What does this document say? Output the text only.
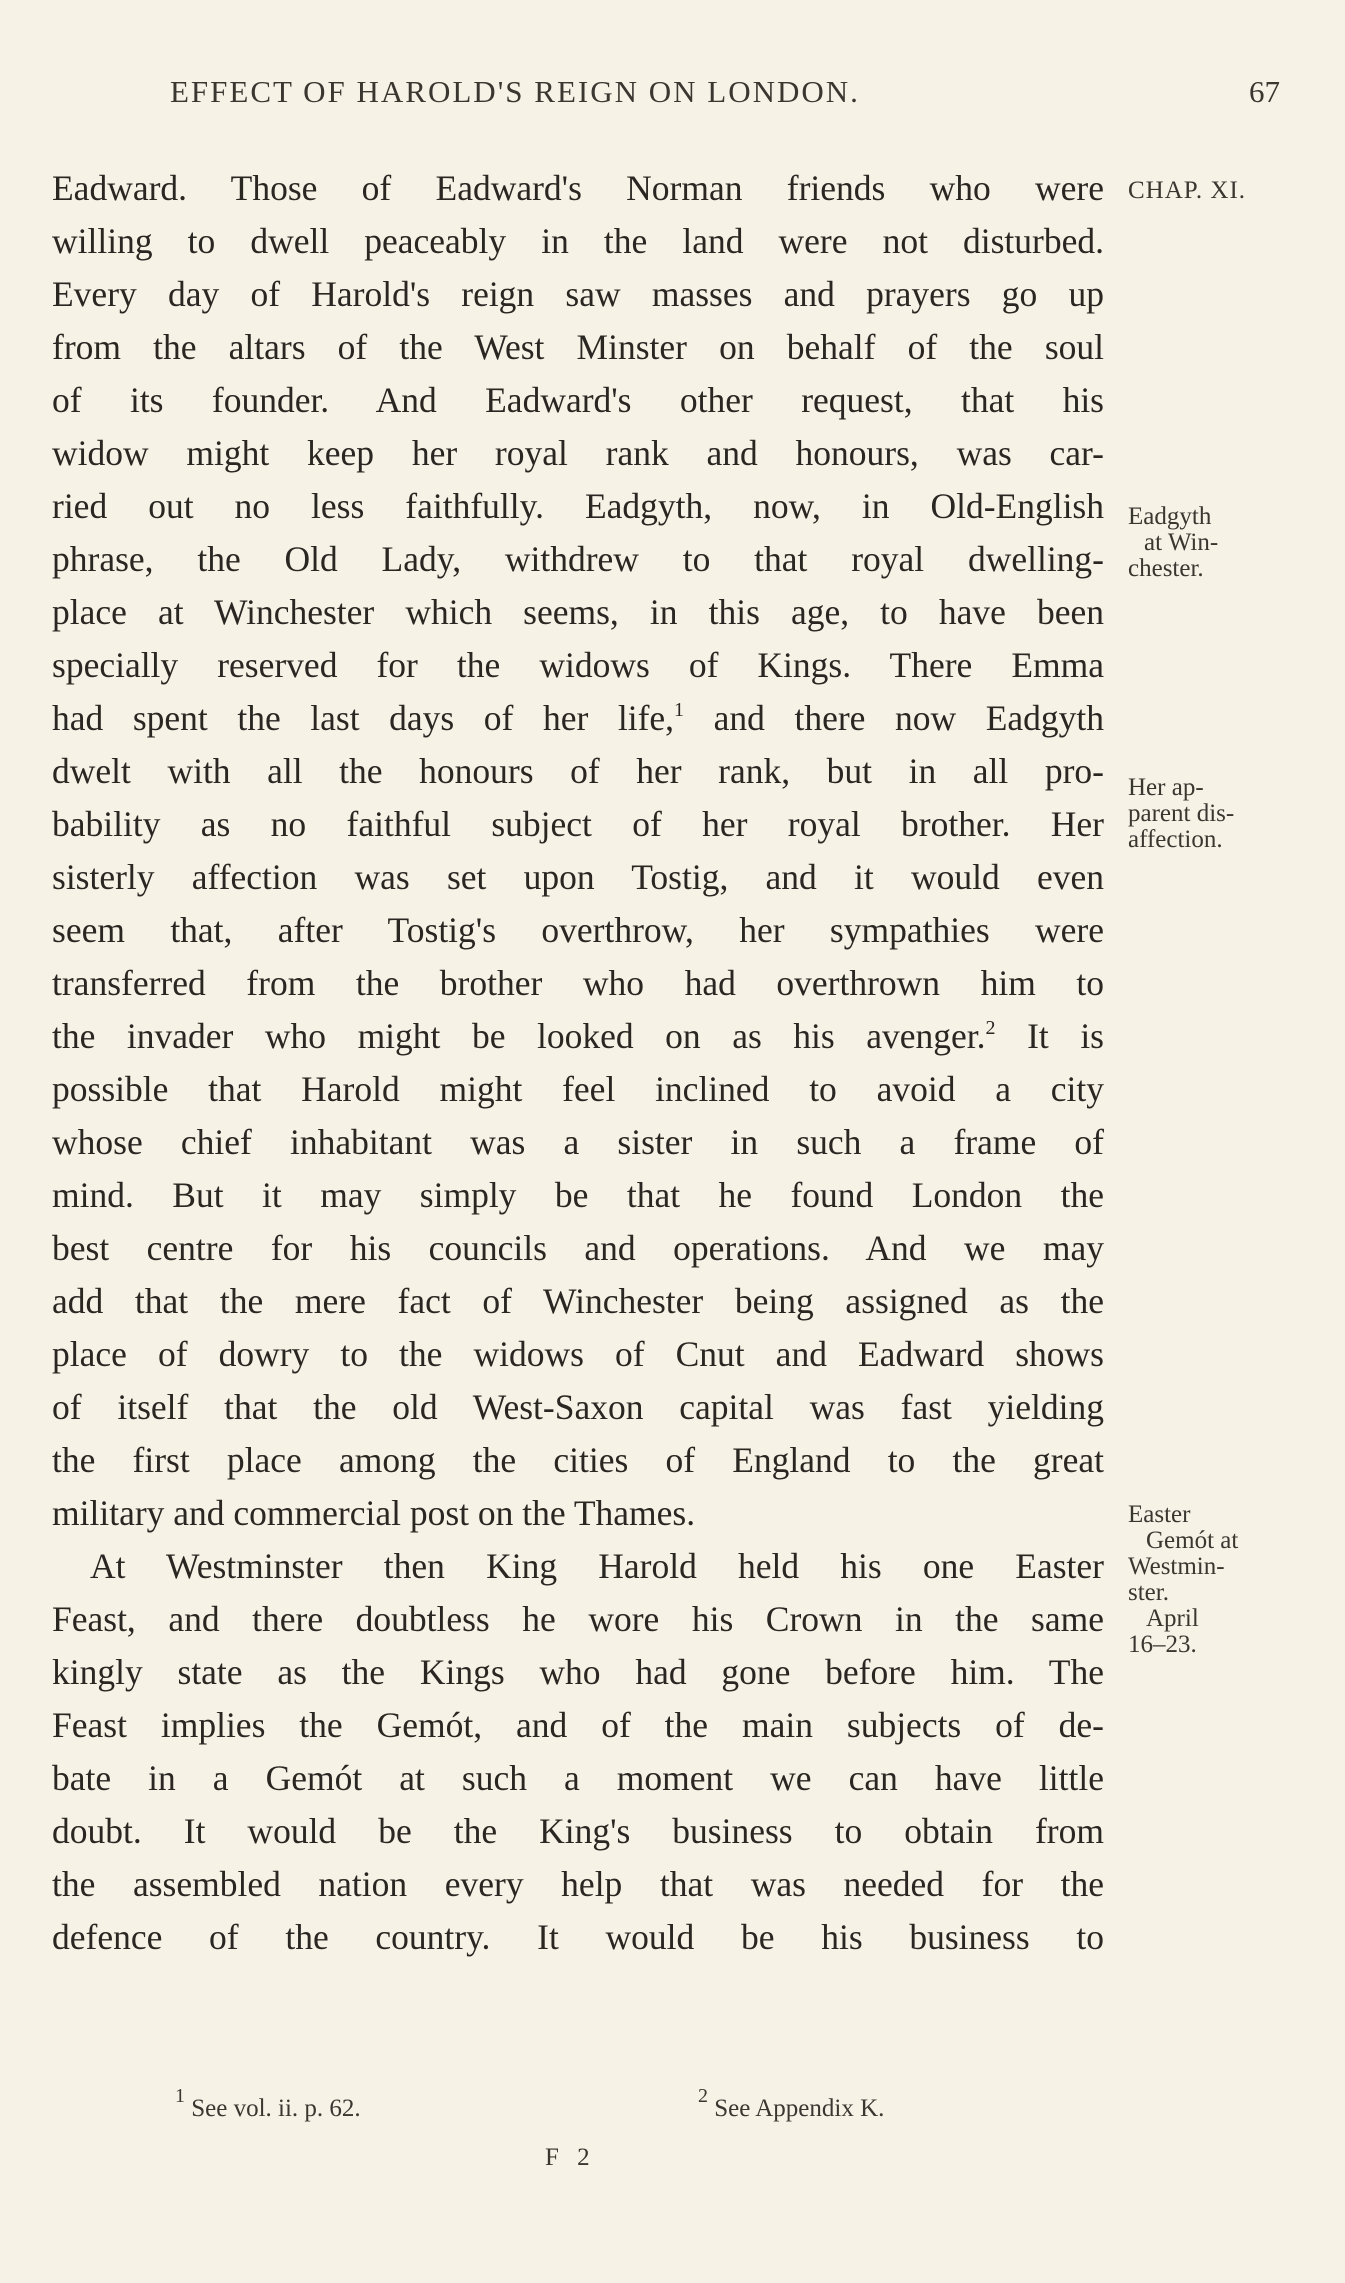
EFFECT OF HAROLD'S REIGN ON LONDON.	67
Eadward. Those of Eadward's Norman friends who were
willing to dwell peaceably in the land were not disturbed.
Every day of Harold's reign saw masses and prayers go up
from the altars of the West Minster on behalf of the soul
of its founder. And Eadward's other request, that his
widow might keep her royal rank and honours, was car-
ried out no less faithfully. Eadgyth, now, in Old-English
phrase, the Old Lady, withdrew to that royal dwelling-
place at Winchester which seems, in this age, to have been
specially reserved for the widows of Kings. There Emma
had spent the last days of her life,$^1$ and there now Eadgyth
dwelt with all the honours of her rank, but in all pro-
bability as no faithful subject of her royal brother. Her
sisterly affection was set upon Tostig, and it would even
seem that, after Tostig's overthrow, her sympathies were
transferred from the brother who had overthrown him to
the invader who might be looked on as his avenger.$^2$ It is
possible that Harold might feel inclined to avoid a city
whose chief inhabitant was a sister in such a frame of
mind. But it may simply be that he found London the
best centre for his councils and operations. And we may
add that the mere fact of Winchester being assigned as the
place of dowry to the widows of Cnut and Eadward shows
of itself that the old West-Saxon capital was fast yielding
the first place among the cities of England to the great
military and commercial post on the Thames.
At Westminster then King Harold held his one Easter
Feast, and there doubtless he wore his Crown in the same
kingly state as the Kings who had gone before him. The
Feast implies the Gemót, and of the main subjects of de-
bate in a Gemót at such a moment we can have little
doubt. It would be the King's business to obtain from
the assembled nation every help that was needed for the
defence of the country. It would be his business to
CHAP. XI.
Eadgyth
at Win-
chester.
Her ap-
parent dis-
affection.
Easter
Gemót at
Westmin-
ster.
April
16–23.
$^1$ See vol. ii. p. 62.	$^2$ See Appendix K.
F 2
